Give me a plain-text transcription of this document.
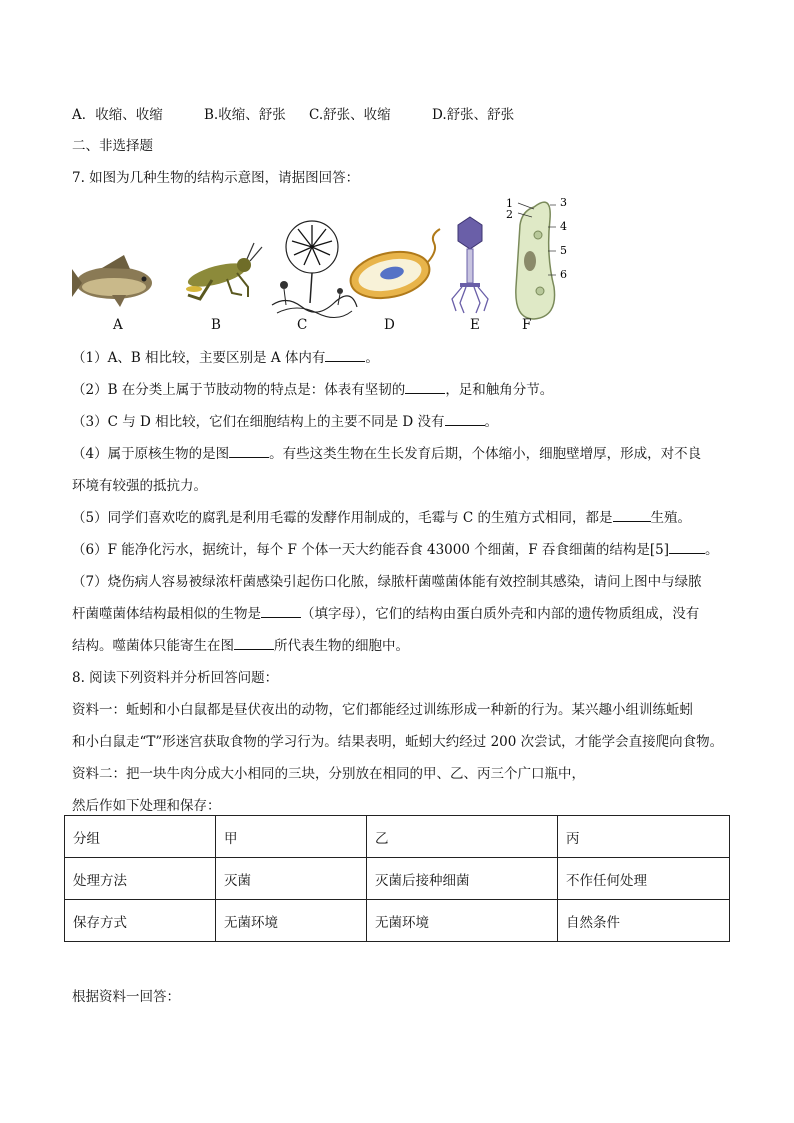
A．收缩、收缩	B.收缩、舒张 C.舒张、收缩	D.舒张、舒张
二、非选择题
7. 如图为几种生物的结构示意图，请据图回答：
1
2
3
4
5
6
A	B	C	D	E	F
（1）A、B 相比较，主要区别是 A 体内有	。
（2）B 在分类上属于节肢动物的特点是：体表有坚韧的	，足和触角分节。
（3）C 与 D 相比较，它们在细胞结构上的主要不同是 D 没有	。
（4）属于原核生物的是图	。有些这类生物在生长发育后期，个体缩小，细胞壁增厚，形成，对不良
环境有较强的抵抗力。
（5）同学们喜欢吃的腐乳是利用毛霉的发酵作用制成的，毛霉与 C 的生殖方式相同，都是	生殖。
（6）F 能净化污水，据统计，每个 F 个体一天大约能吞食 43000 个细菌，F 吞食细菌的结构是[5]	。
（7）烧伤病人容易被绿浓杆菌感染引起伤口化脓，绿脓杆菌噬菌体能有效控制其感染，请问上图中与绿脓
杆菌噬菌体结构最相似的生物是	（填字母），它们的结构由蛋白质外壳和内部的遗传物质组成，没有
结构。噬菌体只能寄生在图	所代表生物的细胞中。
8. 阅读下列资料并分析回答问题：
资料一：蚯蚓和小白鼠都是昼伏夜出的动物，它们都能经过训练形成一种新的行为。某兴趣小组训练蚯蚓
和小白鼠走“T”形迷宫获取食物的学习行为。结果表明，蚯蚓大约经过 200 次尝试，才能学会直接爬向食物。
资料二：把一块牛肉分成大小相同的三块，分别放在相同的甲、乙、丙三个广口瓶中，
然后作如下处理和保存：
分组	甲	乙	丙
处理方法	灭菌	灭菌后接种细菌	不作任何处理
保存方式	无菌环境	无菌环境	自然条件
根据资料一回答：
